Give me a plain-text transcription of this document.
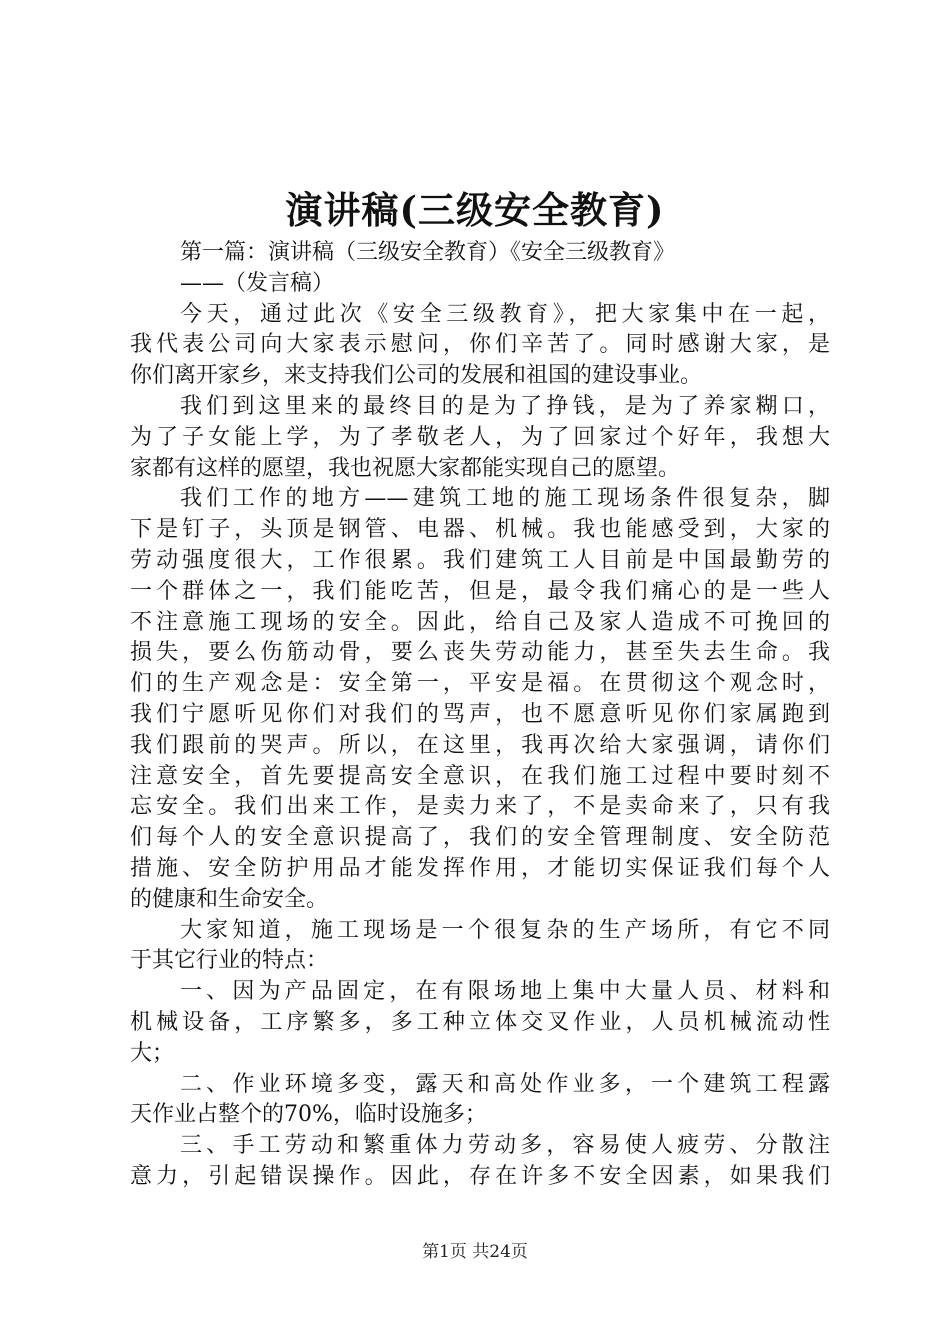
演讲稿(三级安全教育)
第一篇：演讲稿（三级安全教育）《安全三级教育》
——（发言稿）
今天，通过此次《安全三级教育》，把大家集中在一起，
我代表公司向大家表示慰问，你们辛苦了。同时感谢大家，是
你们离开家乡，来支持我们公司的发展和祖国的建设事业。
我们到这里来的最终目的是为了挣钱，是为了养家糊口，
为了子女能上学，为了孝敬老人，为了回家过个好年，我想大
家都有这样的愿望，我也祝愿大家都能实现自己的愿望。
我们工作的地方——建筑工地的施工现场条件很复杂，脚
下是钉子，头顶是钢管、电器、机械。我也能感受到，大家的
劳动强度很大，工作很累。我们建筑工人目前是中国最勤劳的
一个群体之一，我们能吃苦，但是，最令我们痛心的是一些人
不注意施工现场的安全。因此，给自己及家人造成不可挽回的
损失，要么伤筋动骨，要么丧失劳动能力，甚至失去生命。我
们的生产观念是：安全第一，平安是福。在贯彻这个观念时，
我们宁愿听见你们对我们的骂声，也不愿意听见你们家属跑到
我们跟前的哭声。所以，在这里，我再次给大家强调，请你们
注意安全，首先要提高安全意识，在我们施工过程中要时刻不
忘安全。我们出来工作，是卖力来了，不是卖命来了，只有我
们每个人的安全意识提高了，我们的安全管理制度、安全防范
措施、安全防护用品才能发挥作用，才能切实保证我们每个人
的健康和生命安全。
大家知道，施工现场是一个很复杂的生产场所，有它不同
于其它行业的特点：
一、因为产品固定，在有限场地上集中大量人员、材料和
机械设备，工序繁多，多工种立体交叉作业，人员机械流动性
大；
二、作业环境多变，露天和高处作业多，一个建筑工程露
天作业占整个的70%，临时设施多；
三、手工劳动和繁重体力劳动多，容易使人疲劳、分散注
意力，引起错误操作。因此，存在许多不安全因素，如果我们
第1页 共24页
